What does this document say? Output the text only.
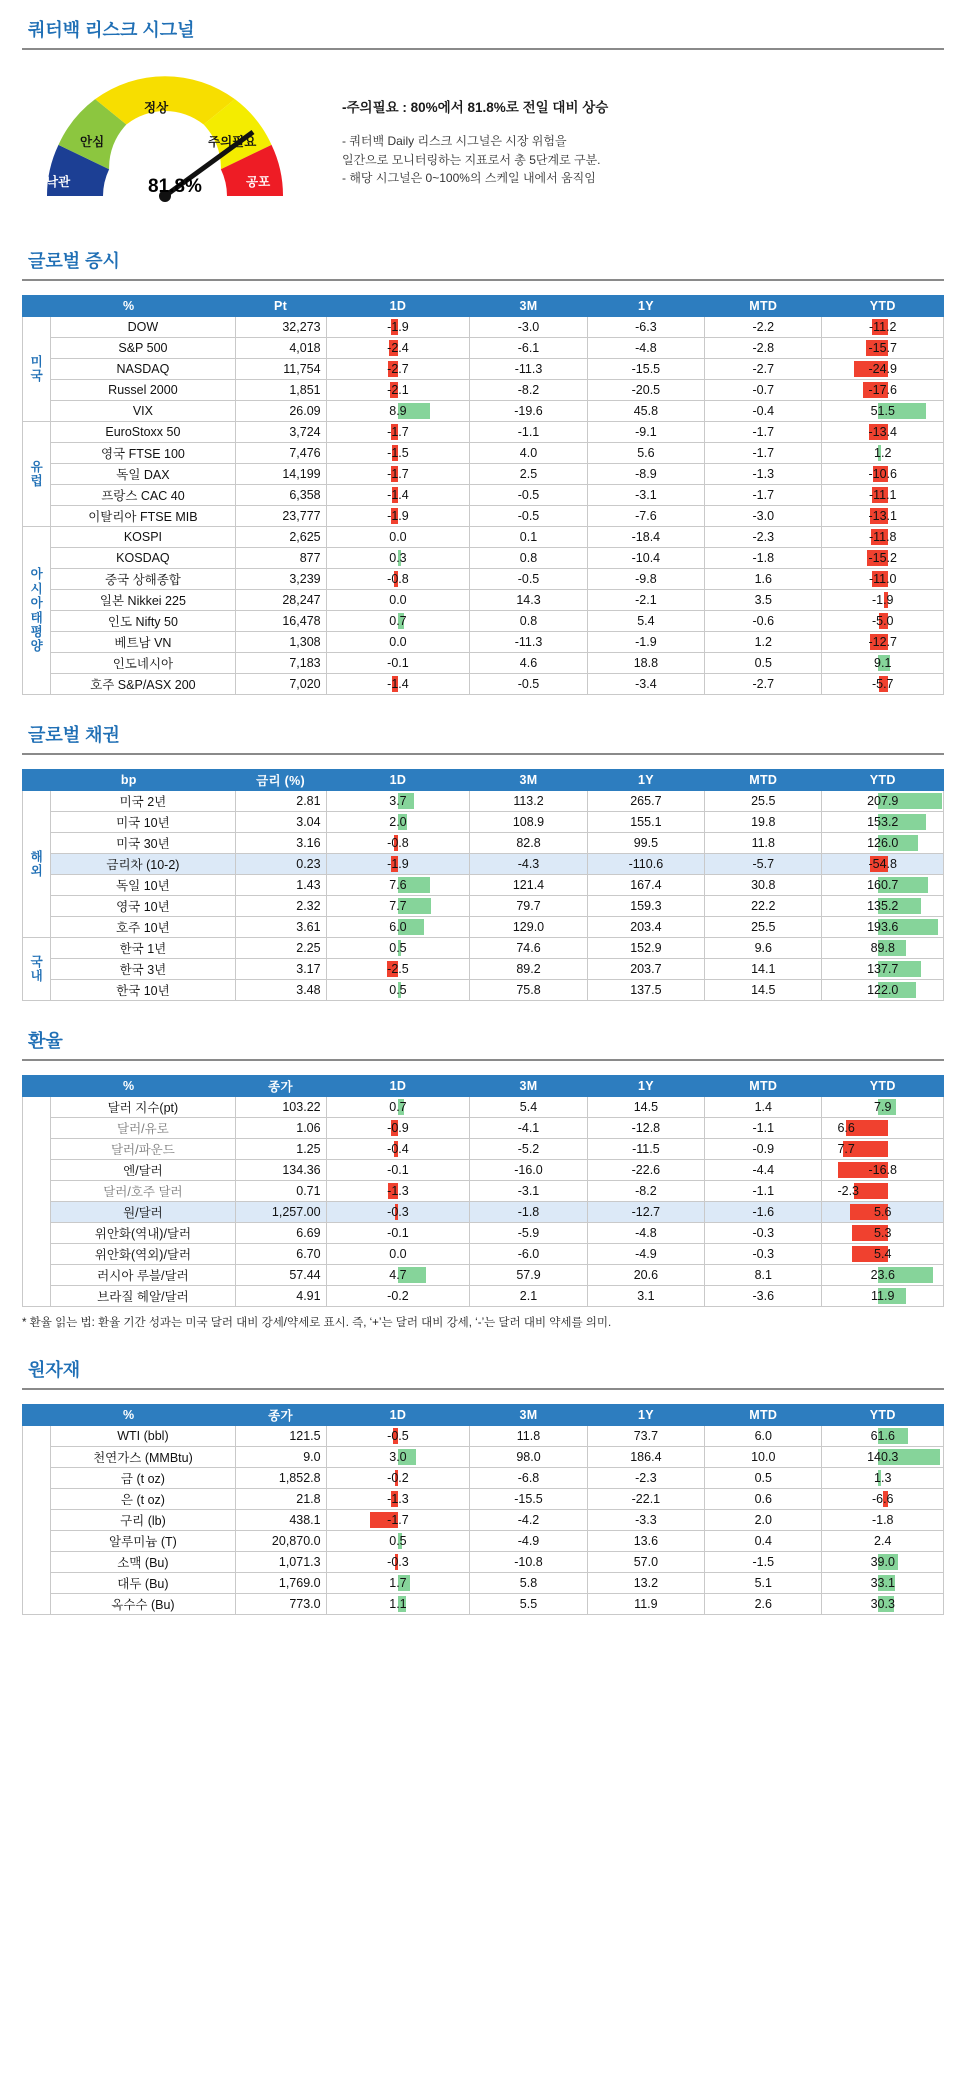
쿼터백 리스크 시그널
낙관
안심
정상
주의필요
공포
81.8%
-주의필요 : 80%에서 81.8%로 전일 대비 상승
- 쿼터백 Daily 리스크 시그널은 시장 위험을
일간으로 모니터링하는 지표로서 총 5단계로 구분.
- 해당 시그널은 0~100%의 스케일 내에서 움직임
글로벌 증시
%		Pt	1D	3M	1Y	MTD	YTD
미
국	DOW	32,273	-1.9	-3.0	-6.3	-2.2	-11.2

	S&P 500	4,018	-2.4	-6.1	-4.8	-2.8	-15.7

	NASDAQ	11,754	-2.7	-11.3	-15.5	-2.7	-24.9

	Russel 2000	1,851	-2.1	-8.2	-20.5	-0.7	-17.6

	VIX	26.09	8.9	-19.6	45.8	-0.4	51.5

유
럽	EuroStoxx 50	3,724	-1.7	-1.1	-9.1	-1.7	-13.4

	영국 FTSE 100	7,476	-1.5	4.0	5.6	-1.7	1.2

	독일 DAX	14,199	-1.7	2.5	-8.9	-1.3	-10.6

	프랑스 CAC 40	6,358	-1.4	-0.5	-3.1	-1.7	-11.1

	이탈리아 FTSE MIB	23,777	-1.9	-0.5	-7.6	-3.0	-13.1

아
시
아
태
평
양	KOSPI	2,625	0.0	0.1	-18.4	-2.3	-11.8

	KOSDAQ	877	0.3	0.8	-10.4	-1.8	-15.2

	중국 상해종합	3,239	-0.8	-0.5	-9.8	1.6	-11.0

	일본 Nikkei 225	28,247	0.0	14.3	-2.1	3.5	-1.9

	인도 Nifty 50	16,478	0.7	0.8	5.4	-0.6	-5.0

	베트남 VN	1,308	0.0	-11.3	-1.9	1.2	-12.7

	인도네시아	7,183	-0.1	4.6	18.8	0.5	9.1

	호주 S&P/ASX 200	7,020	-1.4	-0.5	-3.4	-2.7	-5.7
글로벌 채권
bp		금리 (%)	1D	3M	1Y	MTD	YTD
해
외	미국 2년	2.81	3.7	113.2	265.7	25.5	207.9

	미국 10년	3.04	2.0	108.9	155.1	19.8	153.2

	미국 30년	3.16	-0.8	82.8	99.5	11.8	126.0

	금리차 (10-2)	0.23	-1.9	-4.3	-110.6	-5.7	-54.8

	독일 10년	1.43	7.6	121.4	167.4	30.8	160.7

	영국 10년	2.32	7.7	79.7	159.3	22.2	135.2

	호주 10년	3.61	6.0	129.0	203.4	25.5	193.6

국
내	한국 1년	2.25	0.5	74.6	152.9	9.6	89.8

	한국 3년	3.17	-2.5	89.2	203.7	14.1	137.7

	한국 10년	3.48	0.5	75.8	137.5	14.5	122.0
환율
%		종가	1D	3M	1Y	MTD	YTD
	달러 지수(pt)	103.22	0.7	5.4	14.5	1.4	7.9

	달러/유로	1.06	-0.9	-4.1	-12.8	-1.1	6.6

	달러/파운드	1.25	-0.4	-5.2	-11.5	-0.9	7.7

	엔/달러	134.36	-0.1	-16.0	-22.6	-4.4	-16.8

	달러/호주 달러	0.71	-1.3	-3.1	-8.2	-1.1	-2.3

	원/달러	1,257.00	-0.3	-1.8	-12.7	-1.6	5.6

	위안화(역내)/달러	6.69	-0.1	-5.9	-4.8	-0.3	5.3

	위안화(역외)/달러	6.70	0.0	-6.0	-4.9	-0.3	5.4

	러시아 루블/달러	57.44	4.7	57.9	20.6	8.1	23.6

	브라질 헤알/달러	4.91	-0.2	2.1	3.1	-3.6	11.9
* 환율 읽는 법: 환율 기간 성과는 미국 달러 대비 강세/약세로 표시. 즉, ‘+’는 달러 대비 강세, ‘-’는 달러 대비 약세를 의미.
원자재
%		종가	1D	3M	1Y	MTD	YTD
	WTI (bbl)	121.5	-0.5	11.8	73.7	6.0	61.6

	천연가스 (MMBtu)	9.0	3.0	98.0	186.4	10.0	140.3

	금 (t oz)	1,852.8	-0.2	-6.8	-2.3	0.5	1.3

	은 (t oz)	21.8	-1.3	-15.5	-22.1	0.6	-6.6

	구리 (lb)	438.1	-1.7	-4.2	-3.3	2.0	-1.8

	알루미늄 (T)	20,870.0	0.5	-4.9	13.6	0.4	2.4

	소맥 (Bu)	1,071.3	-0.3	-10.8	57.0	-1.5	39.0

	대두 (Bu)	1,769.0	1.7	5.8	13.2	5.1	33.1

	옥수수 (Bu)	773.0	1.1	5.5	11.9	2.6	30.3
